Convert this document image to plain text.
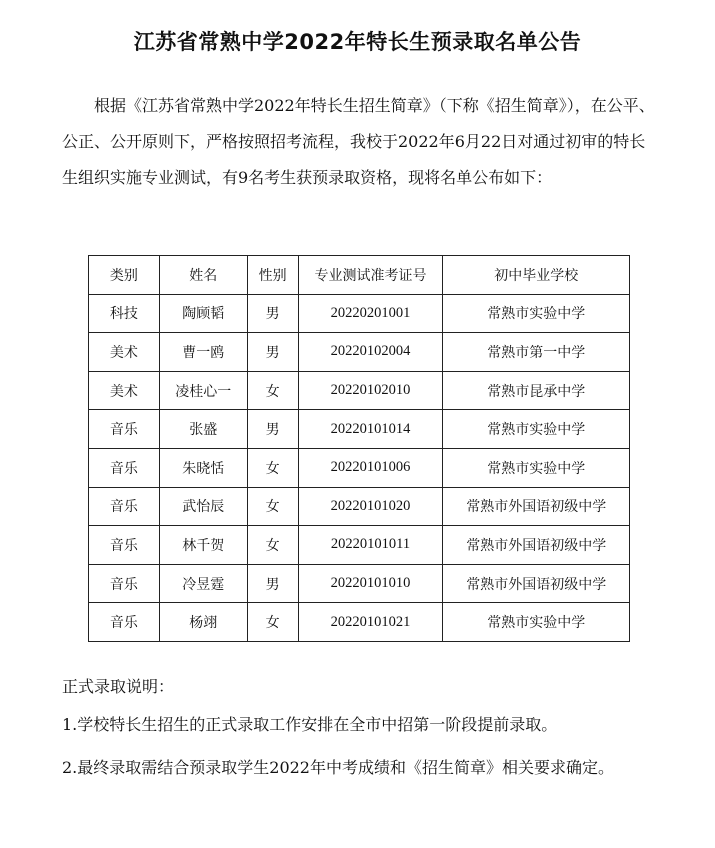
江苏省常熟中学2022年特长生预录取名单公告

根据《江苏省常熟中学2022年特长生招生简章》（下称《招生简章》），在公平、公正、公开原则下，严格按照招考流程，我校于2022年6月22日对通过初审的特长生组织实施专业测试，有9名考生获预录取资格，现将名单公布如下：

类别	姓名	性别	专业测试准考证号	初中毕业学校
科技	陶顾韬	男	20220201001	常熟市实验中学
美术	曹一鸥	男	20220102004	常熟市第一中学
美术	凌桂心一	女	20220102010	常熟市昆承中学
音乐	张盛	男	20220101014	常熟市实验中学
音乐	朱晓恬	女	20220101006	常熟市实验中学
音乐	武怡辰	女	20220101020	常熟市外国语初级中学
音乐	林千贺	女	20220101011	常熟市外国语初级中学
音乐	冷昱霆	男	20220101010	常熟市外国语初级中学
音乐	杨翊	女	20220101021	常熟市实验中学
正式录取说明：
1.学校特长生招生的正式录取工作安排在全市中招第一阶段提前录取。
2.最终录取需结合预录取学生2022年中考成绩和《招生简章》相关要求确定。
